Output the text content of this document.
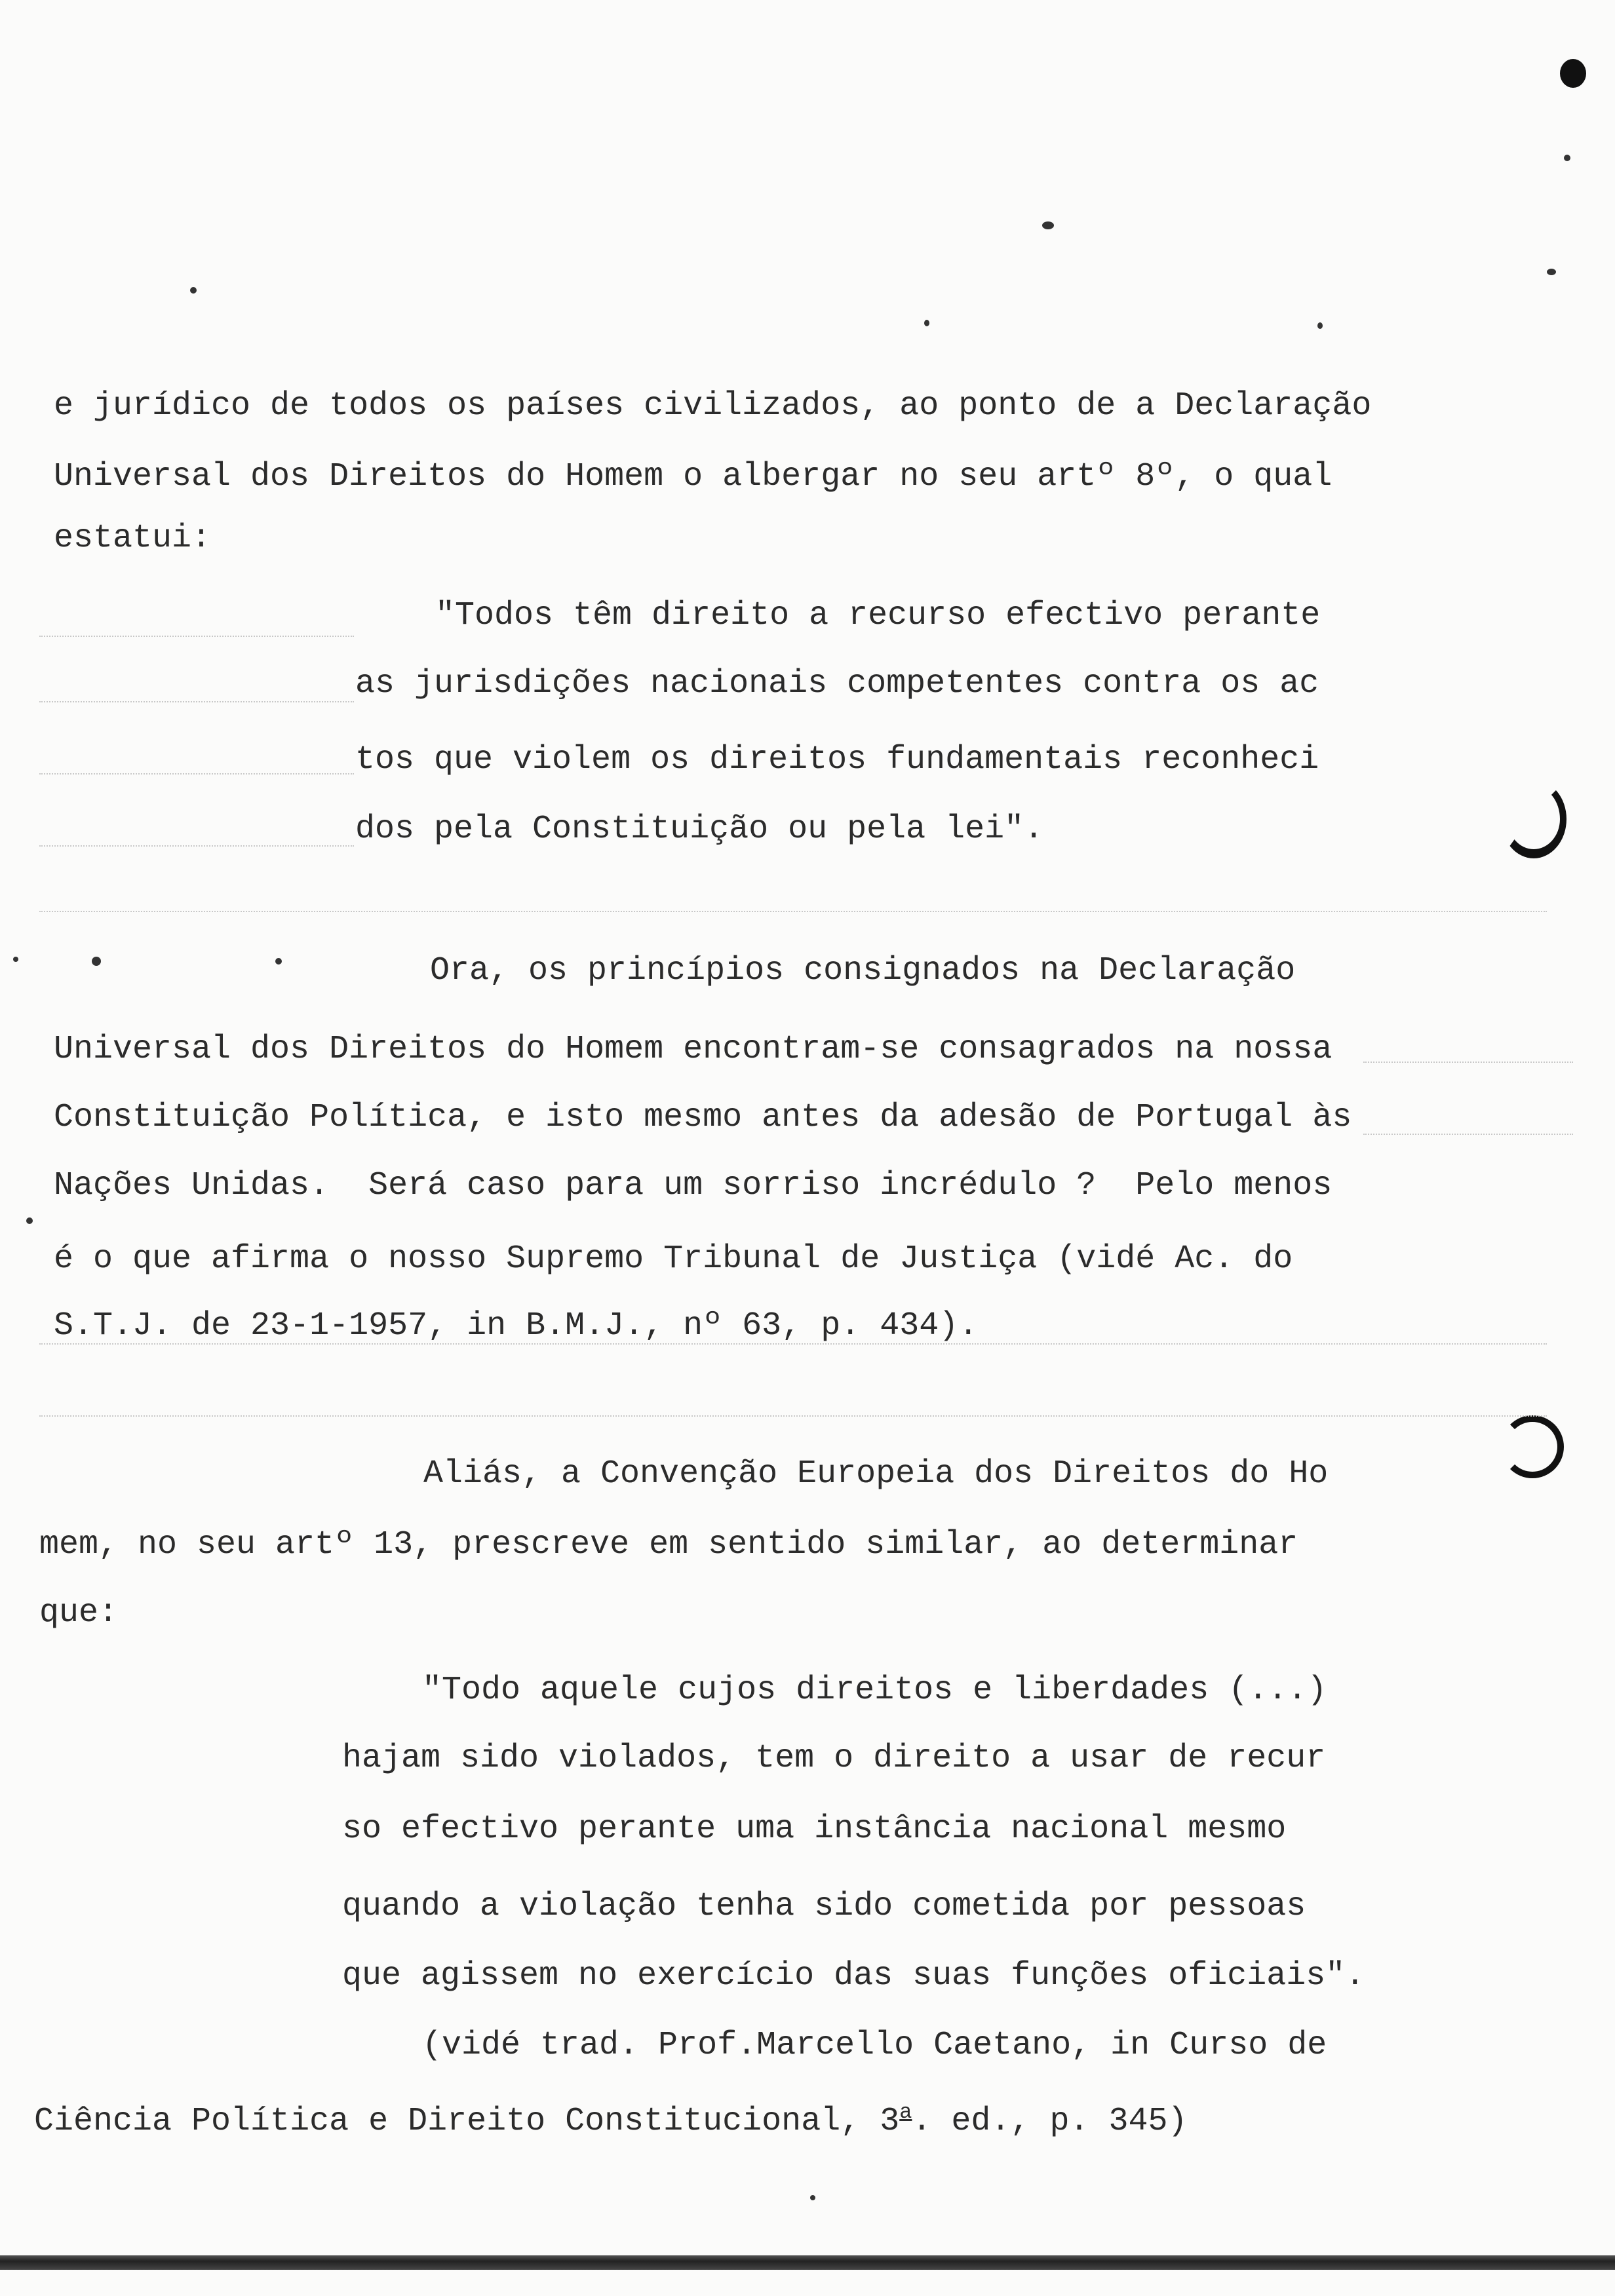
e jurídico de todos os países civilizados, ao ponto de a Declaração
Universal dos Direitos do Homem o albergar no seu artº 8º, o qual
estatui:
"Todos têm direito a recurso efectivo perante
as jurisdições nacionais competentes contra os ac
tos que violem os direitos fundamentais reconheci
dos pela Constituição ou pela lei".
Ora, os princípios consignados na Declaração
Universal dos Direitos do Homem encontram-se consagrados na nossa
Constituição Política, e isto mesmo antes da adesão de Portugal às
Nações Unidas.  Será caso para um sorriso incrédulo ?  Pelo menos
é o que afirma o nosso Supremo Tribunal de Justiça (vidé Ac. do
S.T.J. de 23-1-1957, in B.M.J., nº 63, p. 434).
Aliás, a Convenção Europeia dos Direitos do Ho
mem, no seu artº 13, prescreve em sentido similar, ao determinar
que:
"Todo aquele cujos direitos e liberdades (...)
hajam sido violados, tem o direito a usar de recur
so efectivo perante uma instância nacional mesmo
quando a violação tenha sido cometida por pessoas
que agissem no exercício das suas funções oficiais".
(vidé trad. Prof.Marcello Caetano, in Curso de
Ciência Política e Direito Constitucional, 3$^a$. ed., p. 345)
